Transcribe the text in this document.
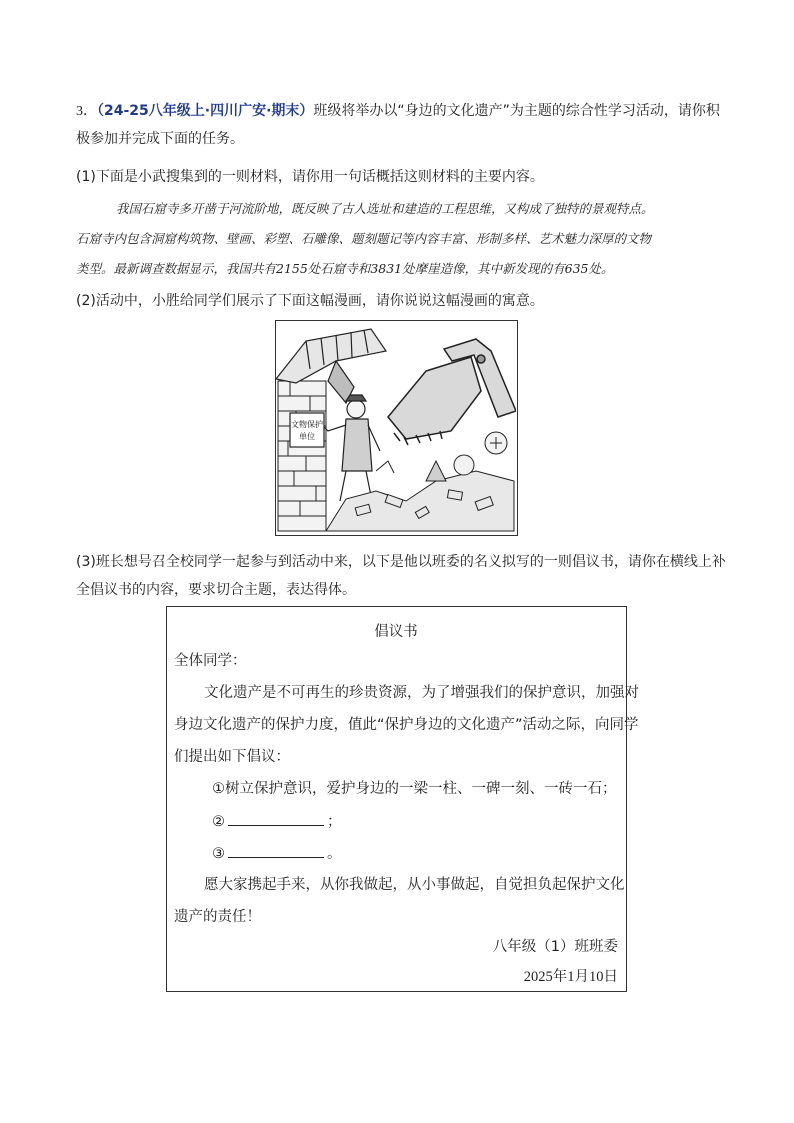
3．（24-25八年级上·四川广安·期末）班级将举办以“身边的文化遗产”为主题的综合性学习活动，请你积
极参加并完成下面的任务。
(1)下面是小武搜集到的一则材料，请你用一句话概括这则材料的主要内容。
我国石窟寺多开凿于河流阶地，既反映了古人选址和建造的工程思维，又构成了独特的景观特点。
石窟寺内包含洞窟构筑物、壁画、彩塑、石雕像、题刻题记等内容丰富、形制多样、艺术魅力深厚的文物
类型。最新调查数据显示，我国共有2155处石窟寺和3831处摩崖造像，其中新发现的有635处。
(2)活动中，小胜给同学们展示了下面这幅漫画，请你说说这幅漫画的寓意。
文物保护
单位
(3)班长想号召全校同学一起参与到活动中来，以下是他以班委的名义拟写的一则倡议书，请你在横线上补
全倡议书的内容，要求切合主题，表达得体。
倡议书
全体同学：
文化遗产是不可再生的珍贵资源，为了增强我们的保护意识，加强对
身边文化遗产的保护力度，值此“保护身边的文化遗产”活动之际，向同学
们提出如下倡议：
①树立保护意识，爱护身边的一梁一柱、一碑一刻、一砖一石；
②	；
③	。
愿大家携起手来，从你我做起，从小事做起，自觉担负起保护文化
遗产的责任！
八年级（1）班班委
2025年1月10日
